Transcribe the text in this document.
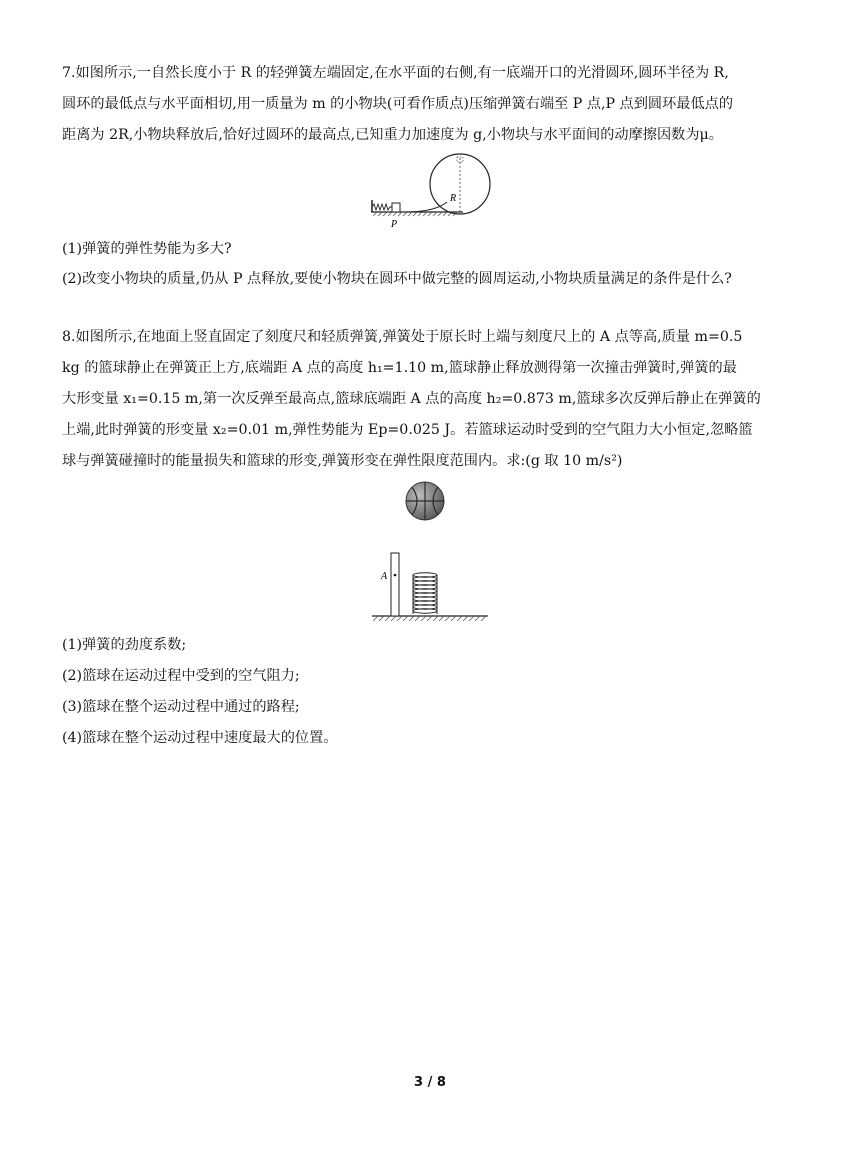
7.如图所示,一自然长度小于 R 的轻弹簧左端固定,在水平面的右侧,有一底端开口的光滑圆环,圆环半径为 R,
圆环的最低点与水平面相切,用一质量为 m 的小物块(可看作质点)压缩弹簧右端至 P 点,P 点到圆环最低点的
距离为 2R,小物块释放后,恰好过圆环的最高点,已知重力加速度为 g,小物块与水平面间的动摩擦因数为μ。
R
P
(1)弹簧的弹性势能为多大?
(2)改变小物块的质量,仍从 P 点释放,要使小物块在圆环中做完整的圆周运动,小物块质量满足的条件是什么?
8.如图所示,在地面上竖直固定了刻度尺和轻质弹簧,弹簧处于原长时上端与刻度尺上的 A 点等高,质量 m=0.5
kg 的篮球静止在弹簧正上方,底端距 A 点的高度 h₁=1.10 m,篮球静止释放测得第一次撞击弹簧时,弹簧的最
大形变量 x₁=0.15 m,第一次反弹至最高点,篮球底端距 A 点的高度 h₂=0.873 m,篮球多次反弹后静止在弹簧的
上端,此时弹簧的形变量 x₂=0.01 m,弹性势能为 Ep=0.025 J。若篮球运动时受到的空气阻力大小恒定,忽略篮
球与弹簧碰撞时的能量损失和篮球的形变,弹簧形变在弹性限度范围内。求:(g 取 10 m/s²)
A
(1)弹簧的劲度系数;
(2)篮球在运动过程中受到的空气阻力;
(3)篮球在整个运动过程中通过的路程;
(4)篮球在整个运动过程中速度最大的位置。
3 / 8
